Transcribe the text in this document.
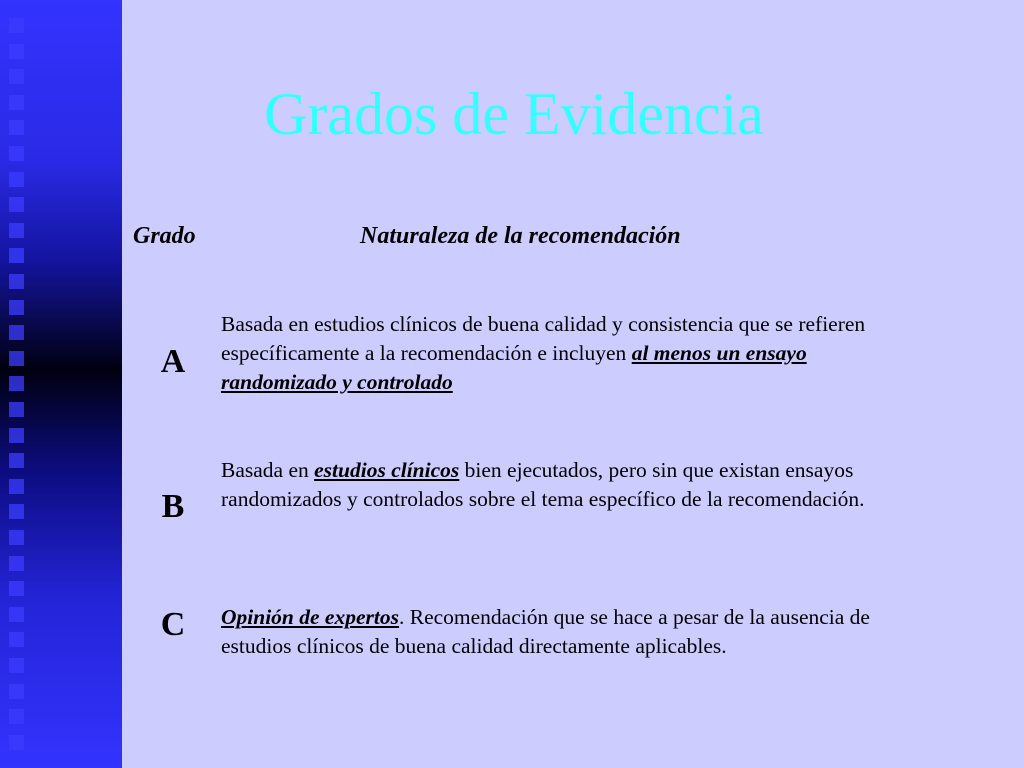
Grados de Evidencia
Grado	Naturaleza de la recomendación
A

Basada en estudios clínicos de buena calidad y consistencia que se refieren específicamente a la recomendación e incluyen al menos un ensayo randomizado y controlado

B

Basada en estudios clínicos bien ejecutados, pero sin que existan ensayos randomizados y controlados sobre el tema específico de la recomendación.

C	Opinión de expertos. Recomendación que se hace a pesar de la ausencia de estudios clínicos de buena calidad directamente aplicables.
